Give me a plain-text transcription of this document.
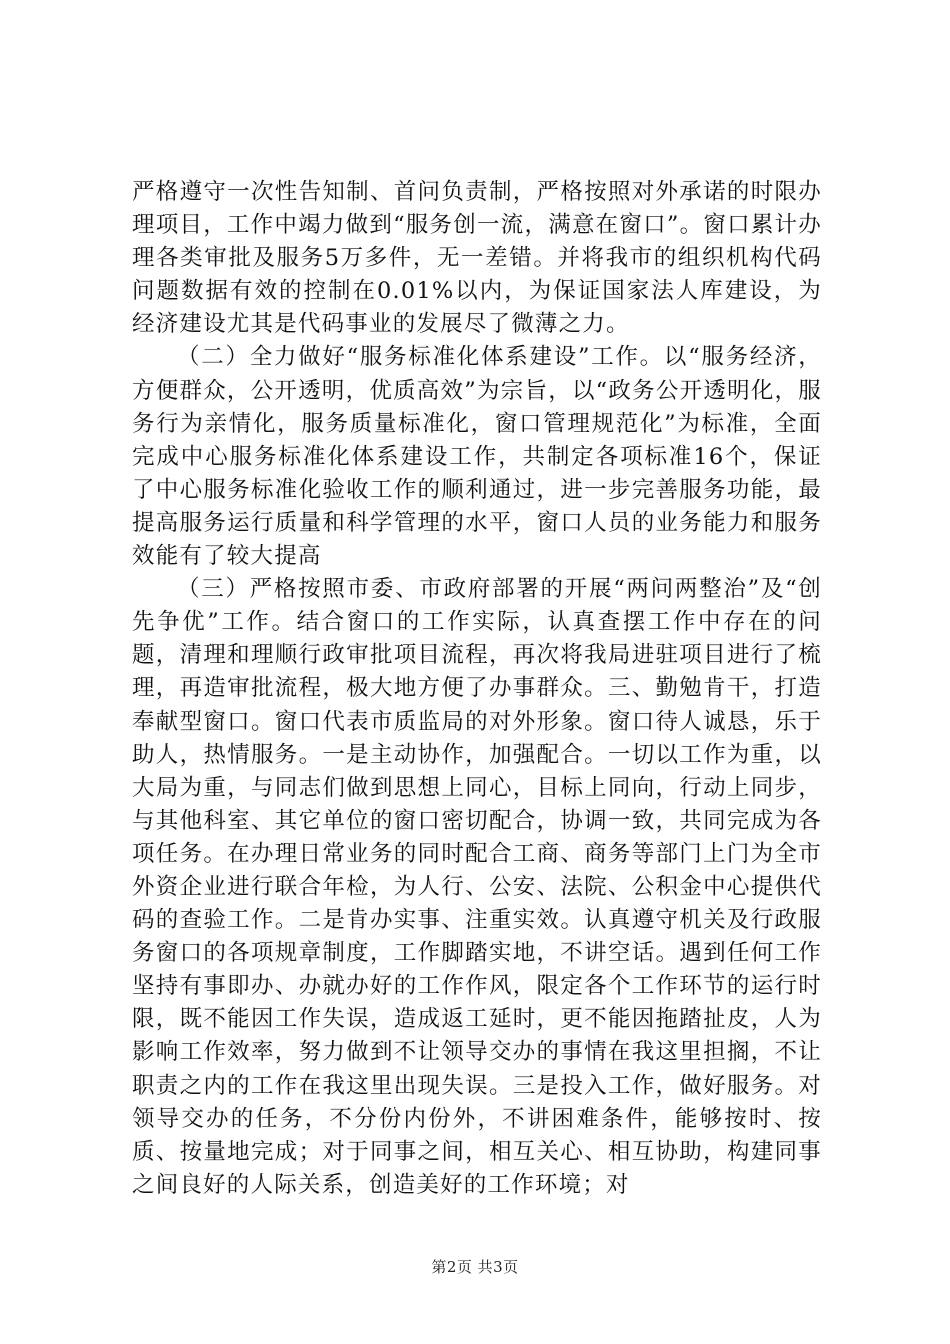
严格遵守一次性告知制、首问负责制，严格按照对外承诺的时限办理项目，工作中竭力做到“服务创一流，满意在窗口”。窗口累计办理各类审批及服务5万多件，无一差错。并将我市的组织机构代码问题数据有效的控制在0.01%以内，为保证国家法人库建设，为经济建设尤其是代码事业的发展尽了微薄之力。

（二）全力做好“服务标准化体系建设”工作。以“服务经济，方便群众，公开透明，优质高效”为宗旨，以“政务公开透明化，服务行为亲情化，服务质量标准化，窗口管理规范化”为标准，全面完成中心服务标准化体系建设工作，共制定各项标准16个，保证了中心服务标准化验收工作的顺利通过，进一步完善服务功能，最提高服务运行质量和科学管理的水平，窗口人员的业务能力和服务效能有了较大提高

（三）严格按照市委、市政府部署的开展“两问两整治”及“创先争优”工作。结合窗口的工作实际，认真查摆工作中存在的问题，清理和理顺行政审批项目流程，再次将我局进驻项目进行了梳理，再造审批流程，极大地方便了办事群众。三、勤勉肯干，打造奉献型窗口。窗口代表市质监局的对外形象。窗口待人诚恳，乐于助人，热情服务。一是主动协作，加强配合。一切以工作为重，以大局为重，与同志们做到思想上同心，目标上同向，行动上同步，与其他科室、其它单位的窗口密切配合，协调一致，共同完成为各项任务。在办理日常业务的同时配合工商、商务等部门上门为全市外资企业进行联合年检，为人行、公安、法院、公积金中心提供代码的查验工作。二是肯办实事、注重实效。认真遵守机关及行政服务窗口的各项规章制度，工作脚踏实地，不讲空话。遇到任何工作坚持有事即办、办就办好的工作作风，限定各个工作环节的运行时限，既不能因工作失误，造成返工延时，更不能因拖踏扯皮，人为影响工作效率，努力做到不让领导交办的事情在我这里担搁，不让职责之内的工作在我这里出现失误。三是投入工作，做好服务。对领导交办的任务，不分份内份外，不讲困难条件，能够按时、按质、按量地完成；对于同事之间，相互关心、相互协助，构建同事之间良好的人际关系，创造美好的工作环境；对

第2页 共3页
